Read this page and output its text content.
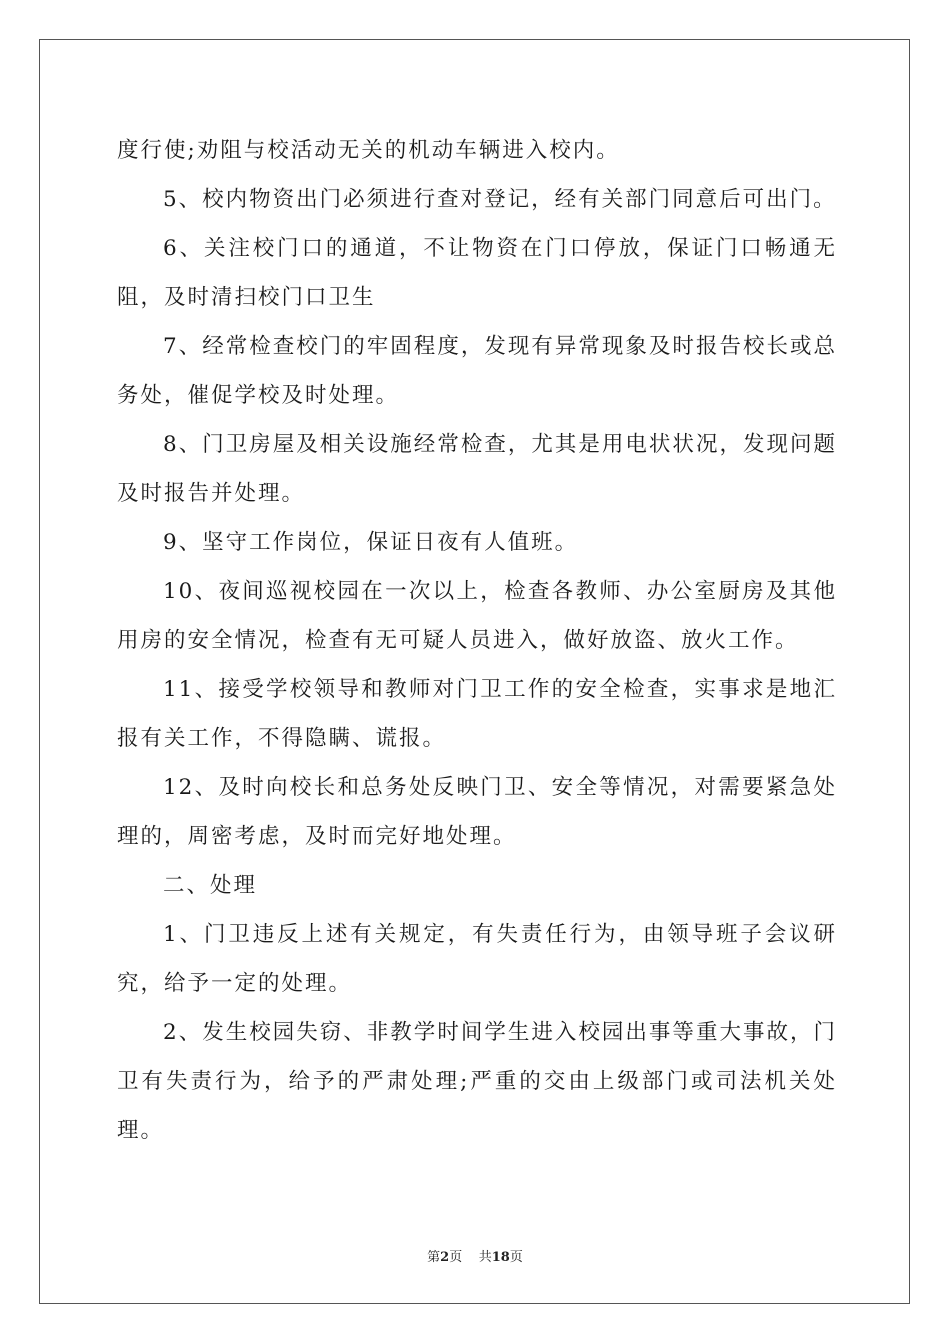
度行使;劝阻与校活动无关的机动车辆进入校内。

5、校内物资出门必须进行查对登记，经有关部门同意后可出门。

6、关注校门口的通道，不让物资在门口停放，保证门口畅通无阻，及时清扫校门口卫生

7、经常检查校门的牢固程度，发现有异常现象及时报告校长或总务处，催促学校及时处理。

8、门卫房屋及相关设施经常检查，尤其是用电状状况，发现问题及时报告并处理。

9、坚守工作岗位，保证日夜有人值班。

10、夜间巡视校园在一次以上，检查各教师、办公室厨房及其他用房的安全情况，检查有无可疑人员进入，做好放盗、放火工作。

11、接受学校领导和教师对门卫工作的安全检查，实事求是地汇报有关工作，不得隐瞒、谎报。

12、及时向校长和总务处反映门卫、安全等情况，对需要紧急处理的，周密考虑，及时而完好地处理。

二、处理

1、门卫违反上述有关规定，有失责任行为，由领导班子会议研究，给予一定的处理。

2、发生校园失窃、非教学时间学生进入校园出事等重大事故，门卫有失责行为，给予的严肃处理;严重的交由上级部门或司法机关处理。

第2页 共18页
